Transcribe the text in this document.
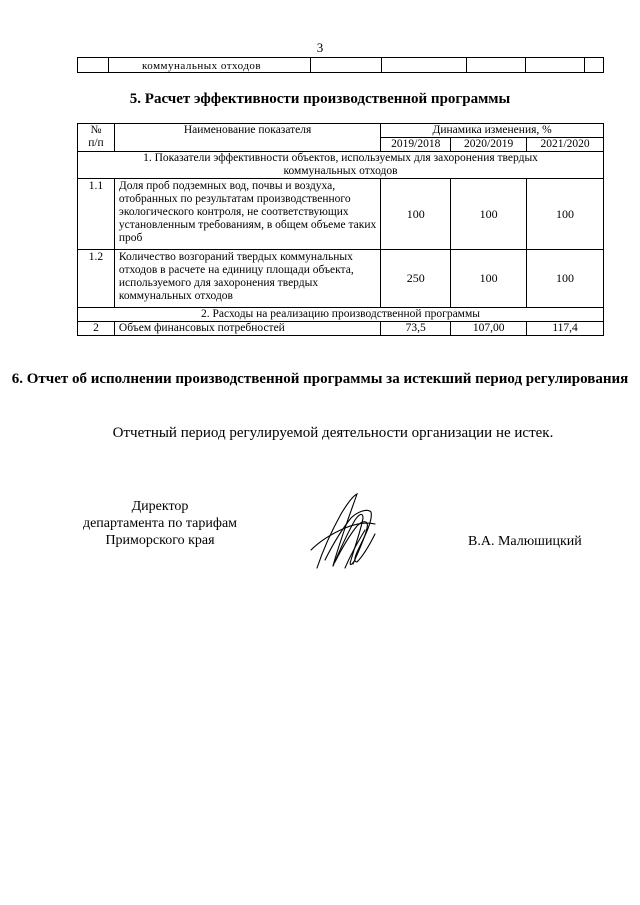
3
	коммунальных отходов					
5. Расчет эффективности производственной программы
№
п/п	Наименование показателя	Динамика изменения, %		
		2019/2018	2020/2019	2021/2020
1. Показатели эффективности объектов, используемых для захоронения твердых коммунальных отходов				
1.1	Доля проб подземных вод, почвы и воздуха, отобранных по результатам производственного экологического контроля, не соответствующих установленным требованиям, в общем объеме таких проб	100	100	100
1.2	Количество возгораний твердых коммунальных отходов в расчете на единицу площади объекта, используемого для захоронения твердых коммунальных отходов	250	100	100
2. Расходы на реализацию производственной программы				
2	Объем финансовых потребностей	73,5	107,00	117,4
6. Отчет об исполнении производственной программы за истекший период регулирования
Отчетный период регулируемой деятельности организации не истек.
Директор
департамента по тарифам
Приморского края	В.А. Малюшицкий
